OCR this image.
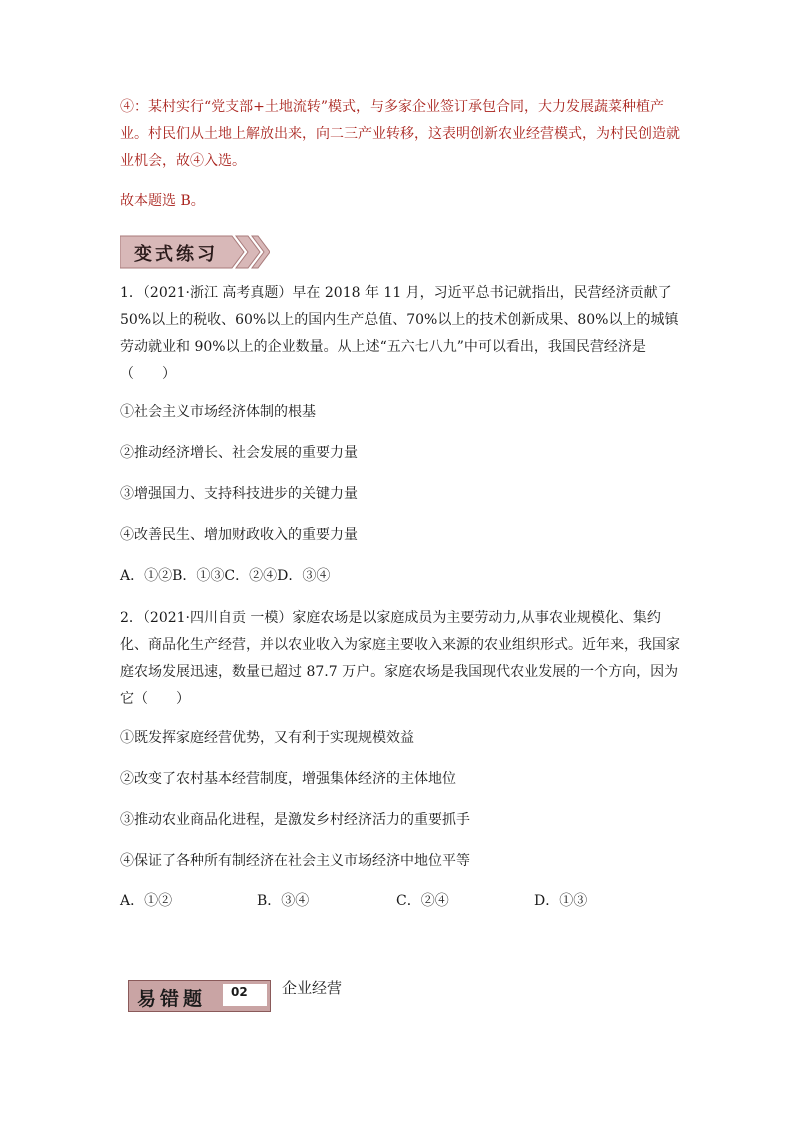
④：某村实行“党支部+土地流转”模式，与多家企业签订承包合同，大力发展蔬菜种植产业。村民们从土地上解放出来，向二三产业转移，这表明创新农业经营模式，为村民创造就业机会，故④入选。

故本题选 B。

变式练习

1．（2021·浙江 高考真题）早在 2018 年 11 月，习近平总书记就指出，民营经济贡献了 50%以上的税收、60%以上的国内生产总值、70%以上的技术创新成果、80%以上的城镇劳动就业和 90%以上的企业数量。从上述“五六七八九”中可以看出，我国民营经济是（　　）

①社会主义市场经济体制的根基
②推动经济增长、社会发展的重要力量
③增强国力、支持科技进步的关键力量
④改善民生、增加财政收入的重要力量
A．①②B．①③C．②④D．③④

2．（2021·四川自贡 一模）家庭农场是以家庭成员为主要劳动力,从事农业规模化、集约化、商品化生产经营，并以农业收入为家庭主要收入来源的农业组织形式。近年来，我国家庭农场发展迅速，数量已超过 87.7 万户。家庭农场是我国现代农业发展的一个方向，因为它（　　）

①既发挥家庭经营优势，又有利于实现规模效益
②改变了农村基本经营制度，增强集体经济的主体地位
③推动农业商品化进程，是激发乡村经济活力的重要抓手
④保证了各种所有制经济在社会主义市场经济中地位平等
A．①②	B．③④	C．②④	D．①③
易错题	02	企业经营
